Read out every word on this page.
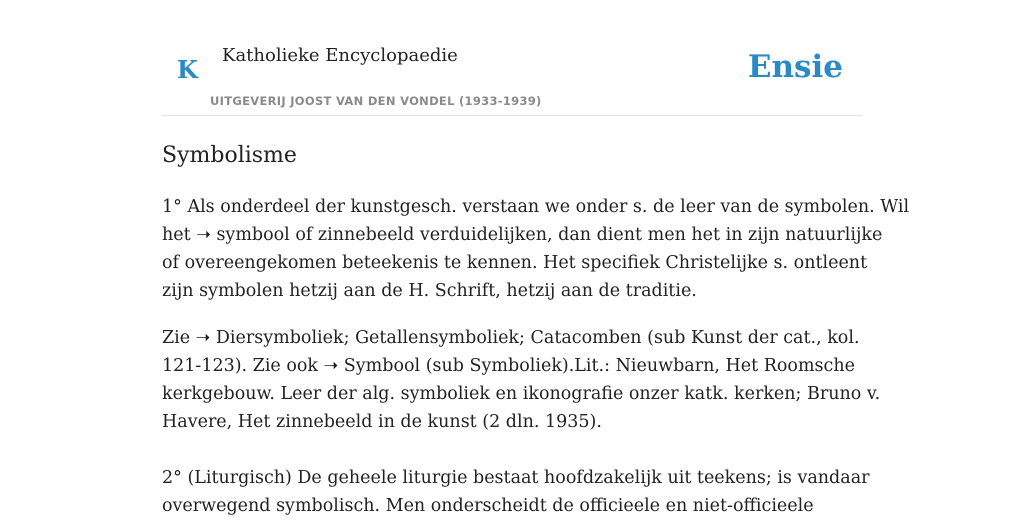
K Katholieke Encyclopaedie
UITGEVERIJ JOOST VAN DEN VONDEL (1933-1939)
Ensie
Symbolisme

1° Als onderdeel der kunstgesch. verstaan we onder s. de leer van de symbolen. Wil
het ➝ symbool of zinnebeeld verduidelijken, dan dient men het in zijn natuurlijke
of overeengekomen beteekenis te kennen. Het specifiek Christelijke s. ontleent
zijn symbolen hetzij aan de H. Schrift, hetzij aan de traditie.

Zie ➝ Diersymboliek; Getallensymboliek; Catacomben (sub Kunst der cat., kol.
121-123). Zie ook ➝ Symbool (sub Symboliek).Lit.: Nieuwbarn, Het Roomsche
kerkgebouw. Leer der alg. symboliek en ikonografie onzer katk. kerken; Bruno v.
Havere, Het zinnebeeld in de kunst (2 dln. 1935).

2° (Liturgisch) De geheele liturgie bestaat hoofdzakelijk uit teekens; is vandaar
overwegend symbolisch. Men onderscheidt de officieele en niet-officieele
